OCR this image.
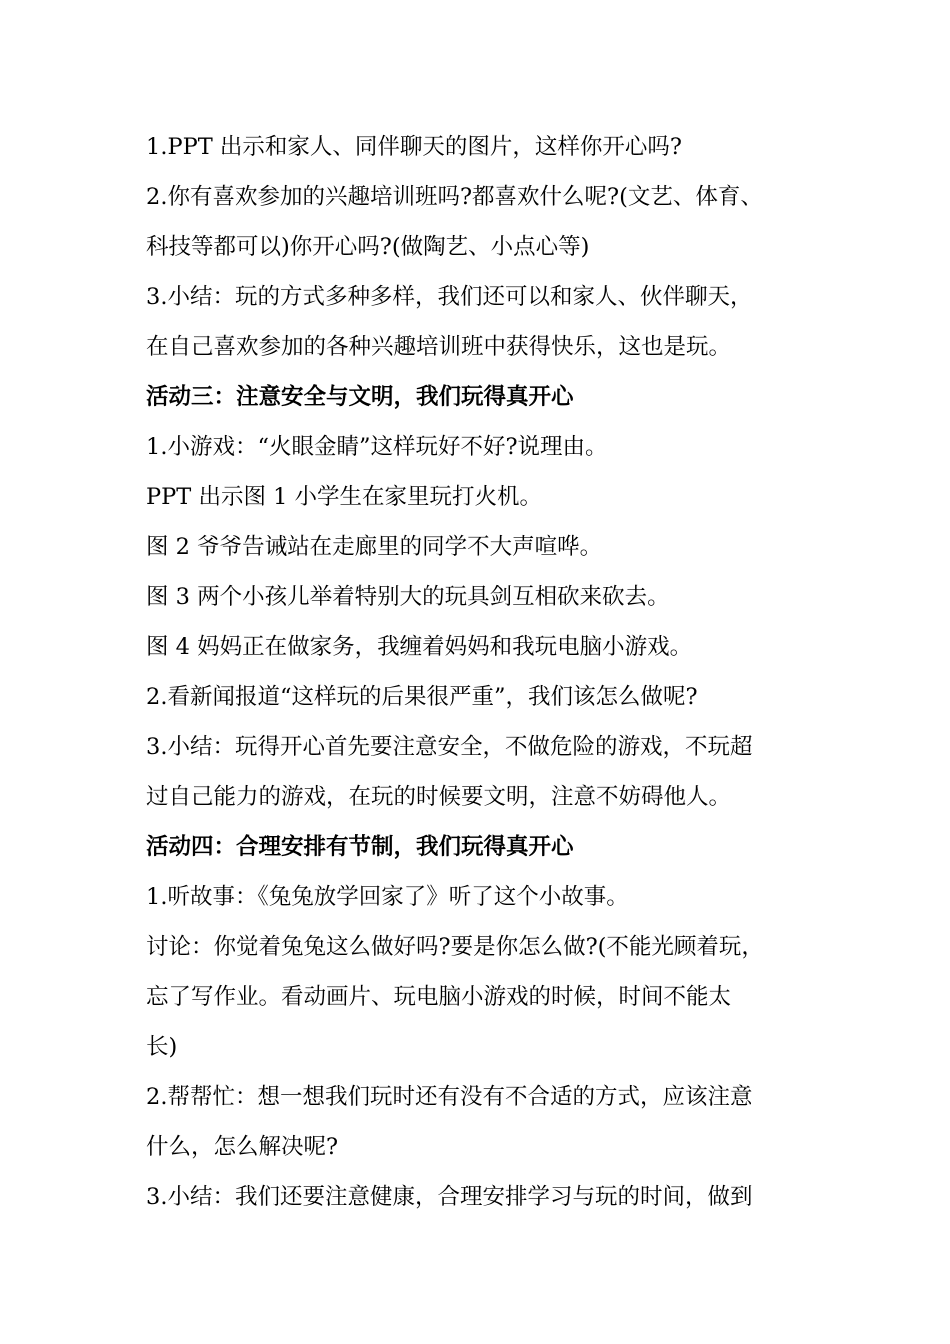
1.PPT 出示和家人、同伴聊天的图片，这样你开心吗?
2.你有喜欢参加的兴趣培训班吗?都喜欢什么呢?(文艺、体育、
科技等都可以)你开心吗?(做陶艺、小点心等)
3.小结：玩的方式多种多样，我们还可以和家人、伙伴聊天，
在自己喜欢参加的各种兴趣培训班中获得快乐，这也是玩。
活动三：注意安全与文明，我们玩得真开心
1.小游戏：“火眼金睛”这样玩好不好?说理由。
PPT 出示图 1 小学生在家里玩打火机。
图 2 爷爷告诫站在走廊里的同学不大声喧哗。
图 3 两个小孩儿举着特别大的玩具剑互相砍来砍去。
图 4 妈妈正在做家务，我缠着妈妈和我玩电脑小游戏。
2.看新闻报道“这样玩的后果很严重”，我们该怎么做呢?
3.小结：玩得开心首先要注意安全，不做危险的游戏，不玩超
过自己能力的游戏，在玩的时候要文明，注意不妨碍他人。
活动四：合理安排有节制，我们玩得真开心
1.听故事：《兔兔放学回家了》听了这个小故事。
讨论：你觉着兔兔这么做好吗?要是你怎么做?(不能光顾着玩，
忘了写作业。看动画片、玩电脑小游戏的时候，时间不能太
长)
2.帮帮忙：想一想我们玩时还有没有不合适的方式，应该注意
什么，怎么解决呢?
3.小结：我们还要注意健康，合理安排学习与玩的时间，做到
